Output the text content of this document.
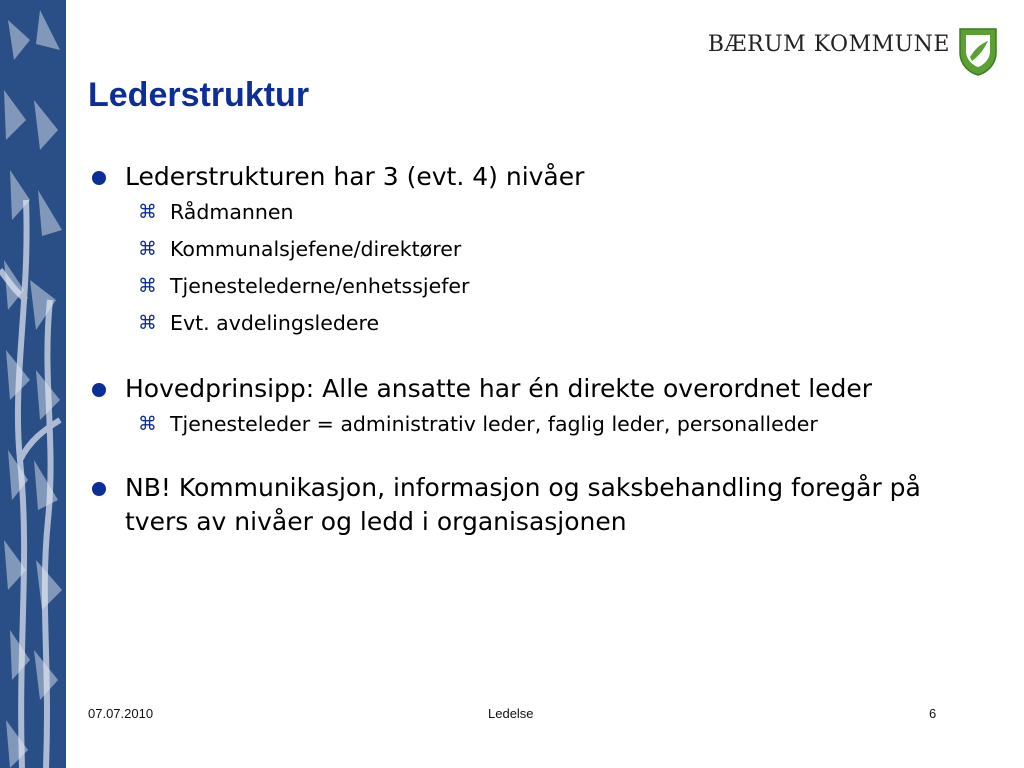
BÆRUM KOMMUNE
Lederstruktur
Lederstrukturen har 3 (evt. 4) nivåer
⌘ Rådmannen
⌘ Kommunalsjefene/direktører
⌘ Tjenestelederne/enhetssjefer
⌘ Evt. avdelingsledere
Hovedprinsipp: Alle ansatte har én direkte overordnet leder
⌘ Tjenesteleder = administrativ leder, faglig leder, personalleder
NB! Kommunikasjon, informasjon og saksbehandling foregår på tvers av nivåer og ledd i organisasjonen
07.07.2010	Ledelse	6
